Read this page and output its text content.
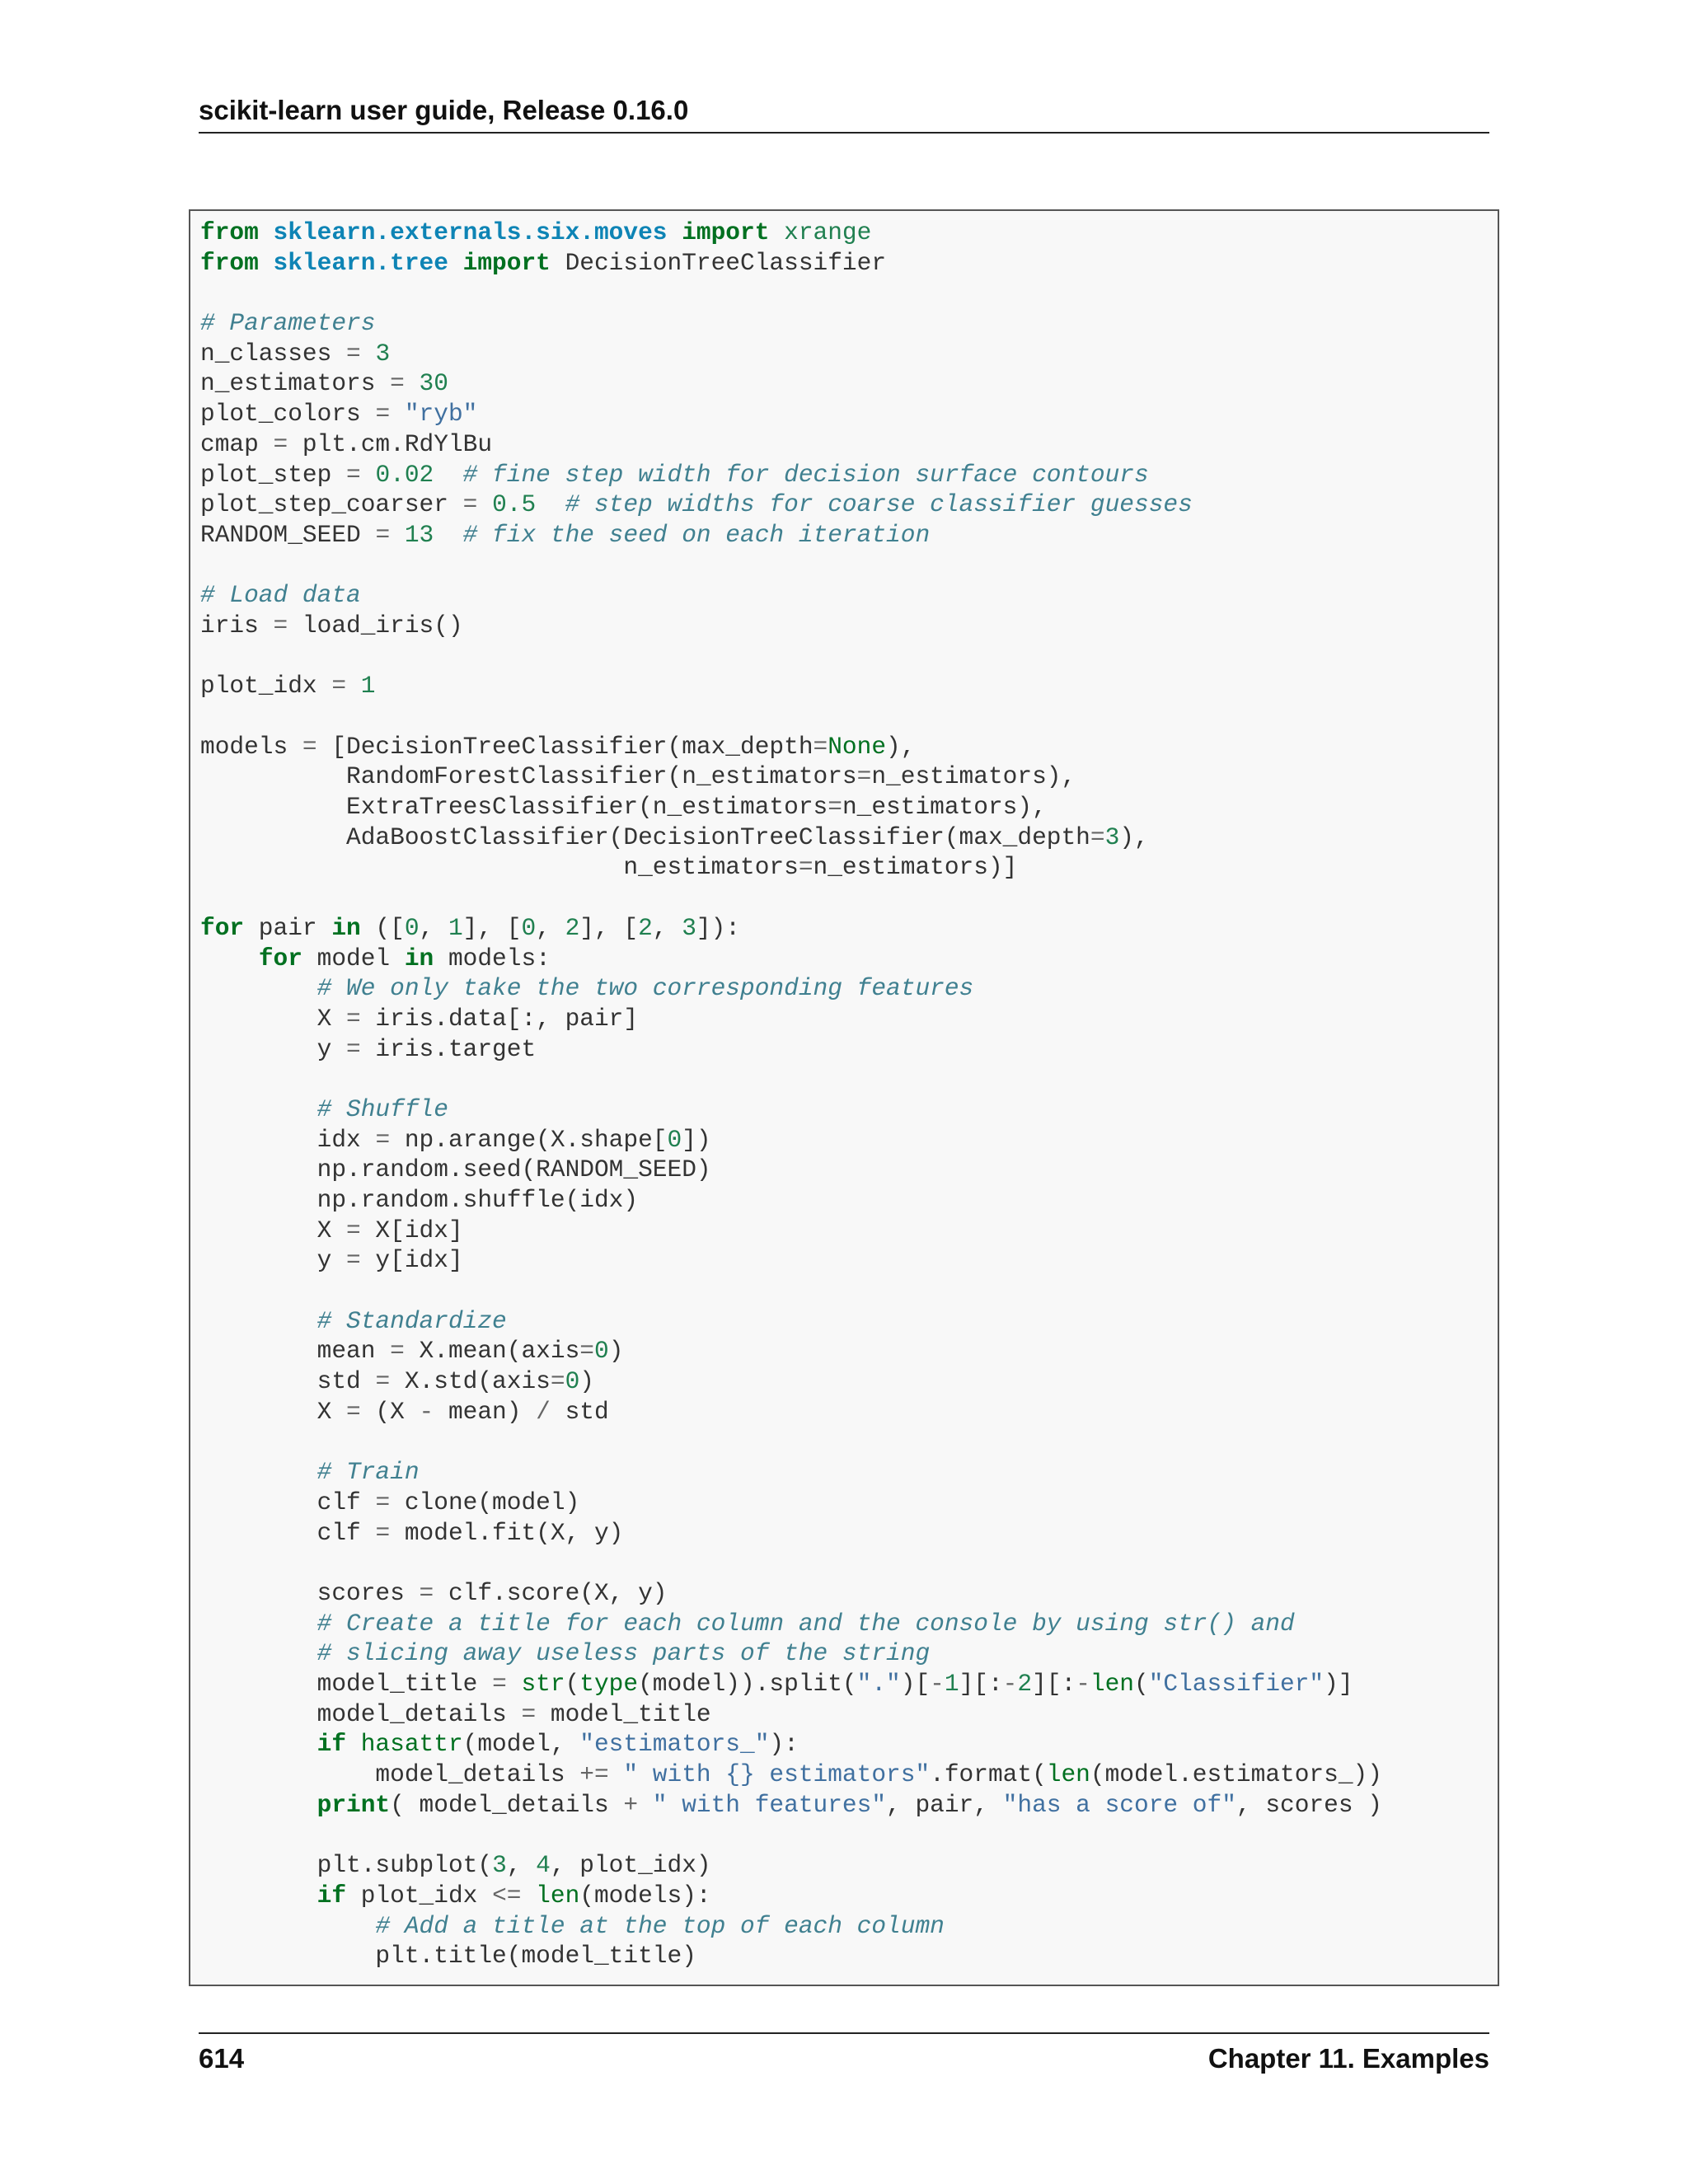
scikit-learn user guide, Release 0.16.0
from sklearn.externals.six.moves import xrange
from sklearn.tree import DecisionTreeClassifier
# Parameters
n_classes = 3
n_estimators = 30
plot_colors = "ryb"
cmap = plt.cm.RdYlBu
plot_step = 0.02 # fine step width for decision surface contours
plot_step_coarser = 0.5 # step widths for coarse classifier guesses
RANDOM_SEED = 13 # fix the seed on each iteration
# Load data
iris = load_iris()
plot_idx = 1
models = [DecisionTreeClassifier(max_depth=None),
RandomForestClassifier(n_estimators=n_estimators),
ExtraTreesClassifier(n_estimators=n_estimators),
AdaBoostClassifier(DecisionTreeClassifier(max_depth=3),
n_estimators=n_estimators)]
for pair in ([0, 1], [0, 2], [2, 3]):
for model in models:
# We only take the two corresponding features
X = iris.data[:, pair]
y = iris.target
# Shuffle
idx = np.arange(X.shape[0])
np.random.seed(RANDOM_SEED)
np.random.shuffle(idx)
X = X[idx]
y = y[idx]
# Standardize
mean = X.mean(axis=0)
std = X.std(axis=0)
X = (X - mean) / std
# Train
clf = clone(model)
clf = model.fit(X, y)
scores = clf.score(X, y)
# Create a title for each column and the console by using str() and
# slicing away useless parts of the string
model_title = str(type(model)).split(".")[-1][:-2][:-len("Classifier")]
model_details = model_title
if hasattr(model, "estimators_"):
model_details += " with {} estimators".format(len(model.estimators_))
print( model_details + " with features", pair, "has a score of", scores )
plt.subplot(3, 4, plot_idx)
if plot_idx <= len(models):
# Add a title at the top of each column
plt.title(model_title)
614	Chapter 11. Examples
